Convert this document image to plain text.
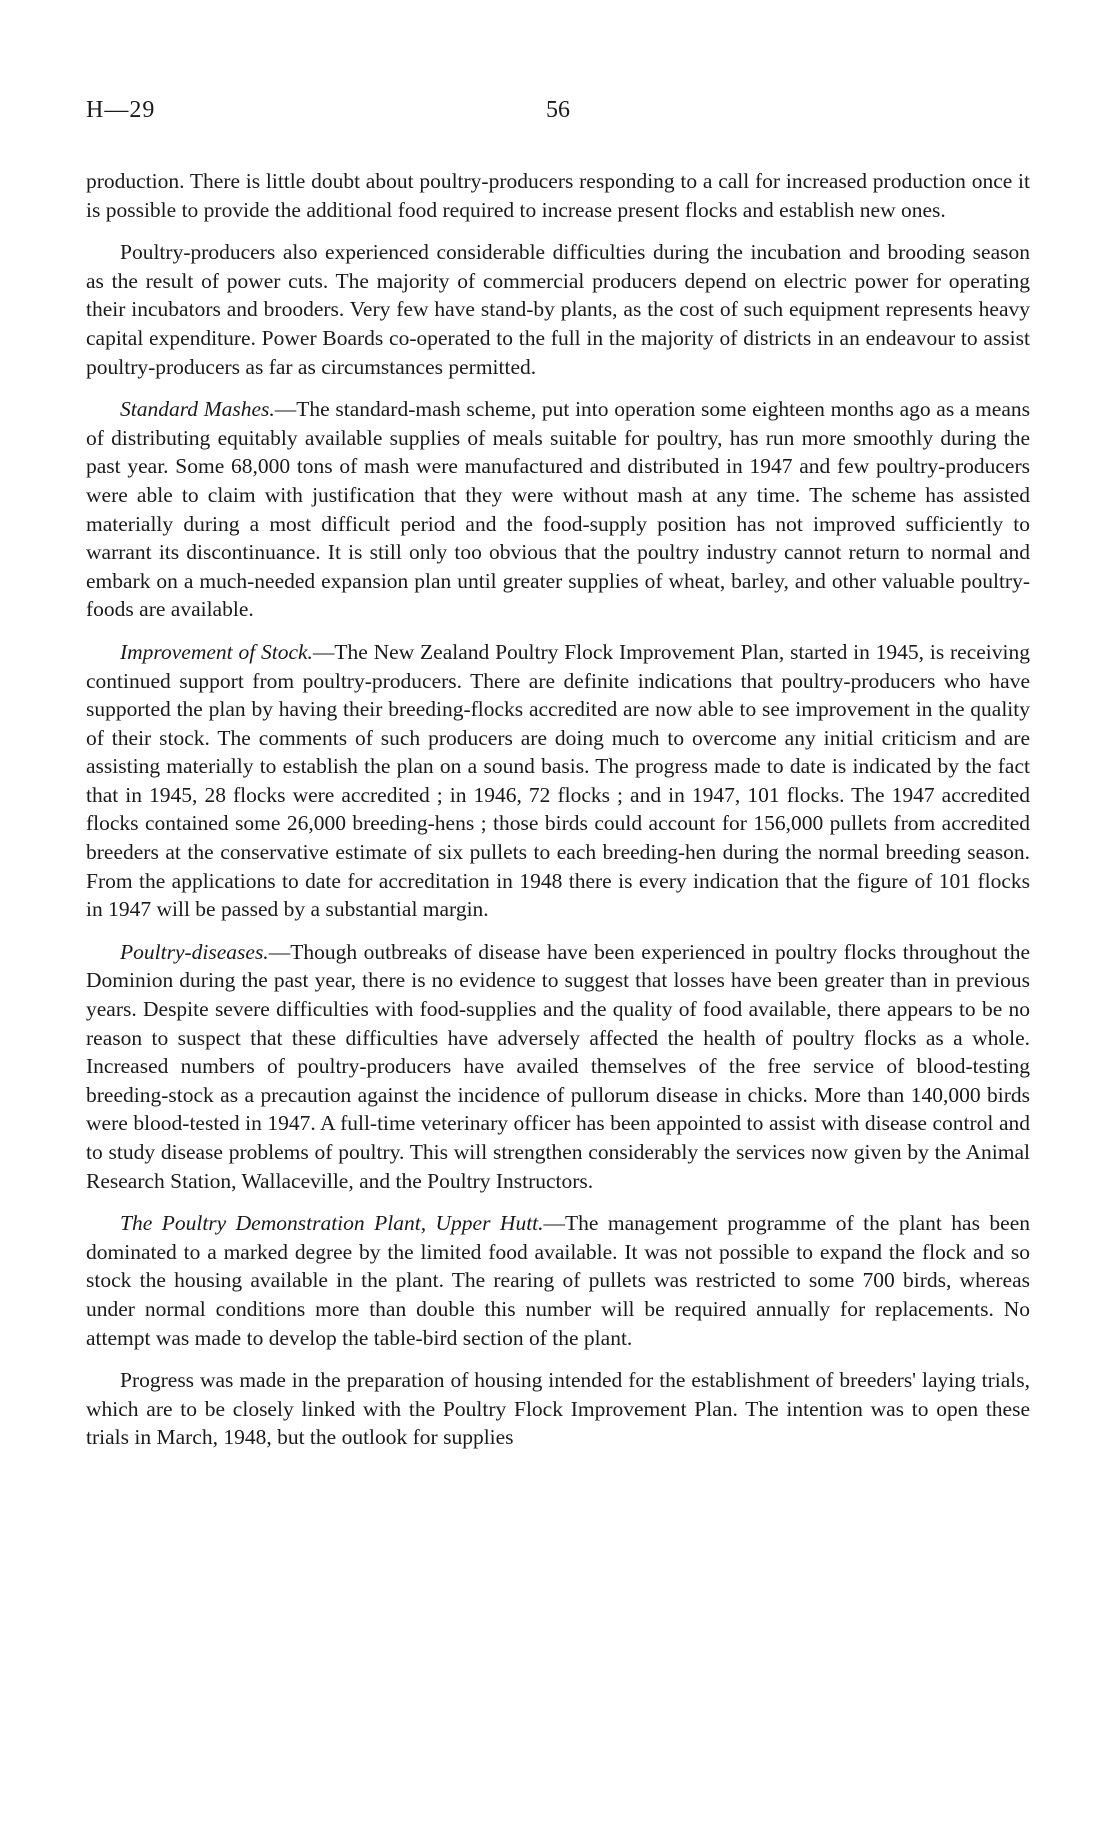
H—29	56

production. There is little doubt about poultry-producers responding to a call for increased production once it is possible to provide the additional food required to increase present flocks and establish new ones.

Poultry-producers also experienced considerable difficulties during the incubation and brooding season as the result of power cuts. The majority of commercial producers depend on electric power for operating their incubators and brooders. Very few have stand-by plants, as the cost of such equipment represents heavy capital expenditure. Power Boards co-operated to the full in the majority of districts in an endeavour to assist poultry-producers as far as circumstances permitted.

Standard Mashes.—The standard-mash scheme, put into operation some eighteen months ago as a means of distributing equitably available supplies of meals suitable for poultry, has run more smoothly during the past year. Some 68,000 tons of mash were manufactured and distributed in 1947 and few poultry-producers were able to claim with justification that they were without mash at any time. The scheme has assisted materially during a most difficult period and the food-supply position has not improved sufficiently to warrant its discontinuance. It is still only too obvious that the poultry industry cannot return to normal and embark on a much-needed expansion plan until greater supplies of wheat, barley, and other valuable poultry-foods are available.

Improvement of Stock.—The New Zealand Poultry Flock Improvement Plan, started in 1945, is receiving continued support from poultry-producers. There are definite indications that poultry-producers who have supported the plan by having their breeding-flocks accredited are now able to see improvement in the quality of their stock. The comments of such producers are doing much to overcome any initial criticism and are assisting materially to establish the plan on a sound basis. The progress made to date is indicated by the fact that in 1945, 28 flocks were accredited ; in 1946, 72 flocks ; and in 1947, 101 flocks. The 1947 accredited flocks contained some 26,000 breeding-hens ; those birds could account for 156,000 pullets from accredited breeders at the conservative estimate of six pullets to each breeding-hen during the normal breeding season. From the applications to date for accreditation in 1948 there is every indication that the figure of 101 flocks in 1947 will be passed by a substantial margin.

Poultry-diseases.—Though outbreaks of disease have been experienced in poultry flocks throughout the Dominion during the past year, there is no evidence to suggest that losses have been greater than in previous years. Despite severe difficulties with food-supplies and the quality of food available, there appears to be no reason to suspect that these difficulties have adversely affected the health of poultry flocks as a whole. Increased numbers of poultry-producers have availed themselves of the free service of blood-testing breeding-stock as a precaution against the incidence of pullorum disease in chicks. More than 140,000 birds were blood-tested in 1947. A full-time veterinary officer has been appointed to assist with disease control and to study disease problems of poultry. This will strengthen considerably the services now given by the Animal Research Station, Wallaceville, and the Poultry Instructors.

The Poultry Demonstration Plant, Upper Hutt.—The management programme of the plant has been dominated to a marked degree by the limited food available. It was not possible to expand the flock and so stock the housing available in the plant. The rearing of pullets was restricted to some 700 birds, whereas under normal conditions more than double this number will be required annually for replacements. No attempt was made to develop the table-bird section of the plant.

Progress was made in the preparation of housing intended for the establishment of breeders' laying trials, which are to be closely linked with the Poultry Flock Improvement Plan. The intention was to open these trials in March, 1948, but the outlook for supplies
